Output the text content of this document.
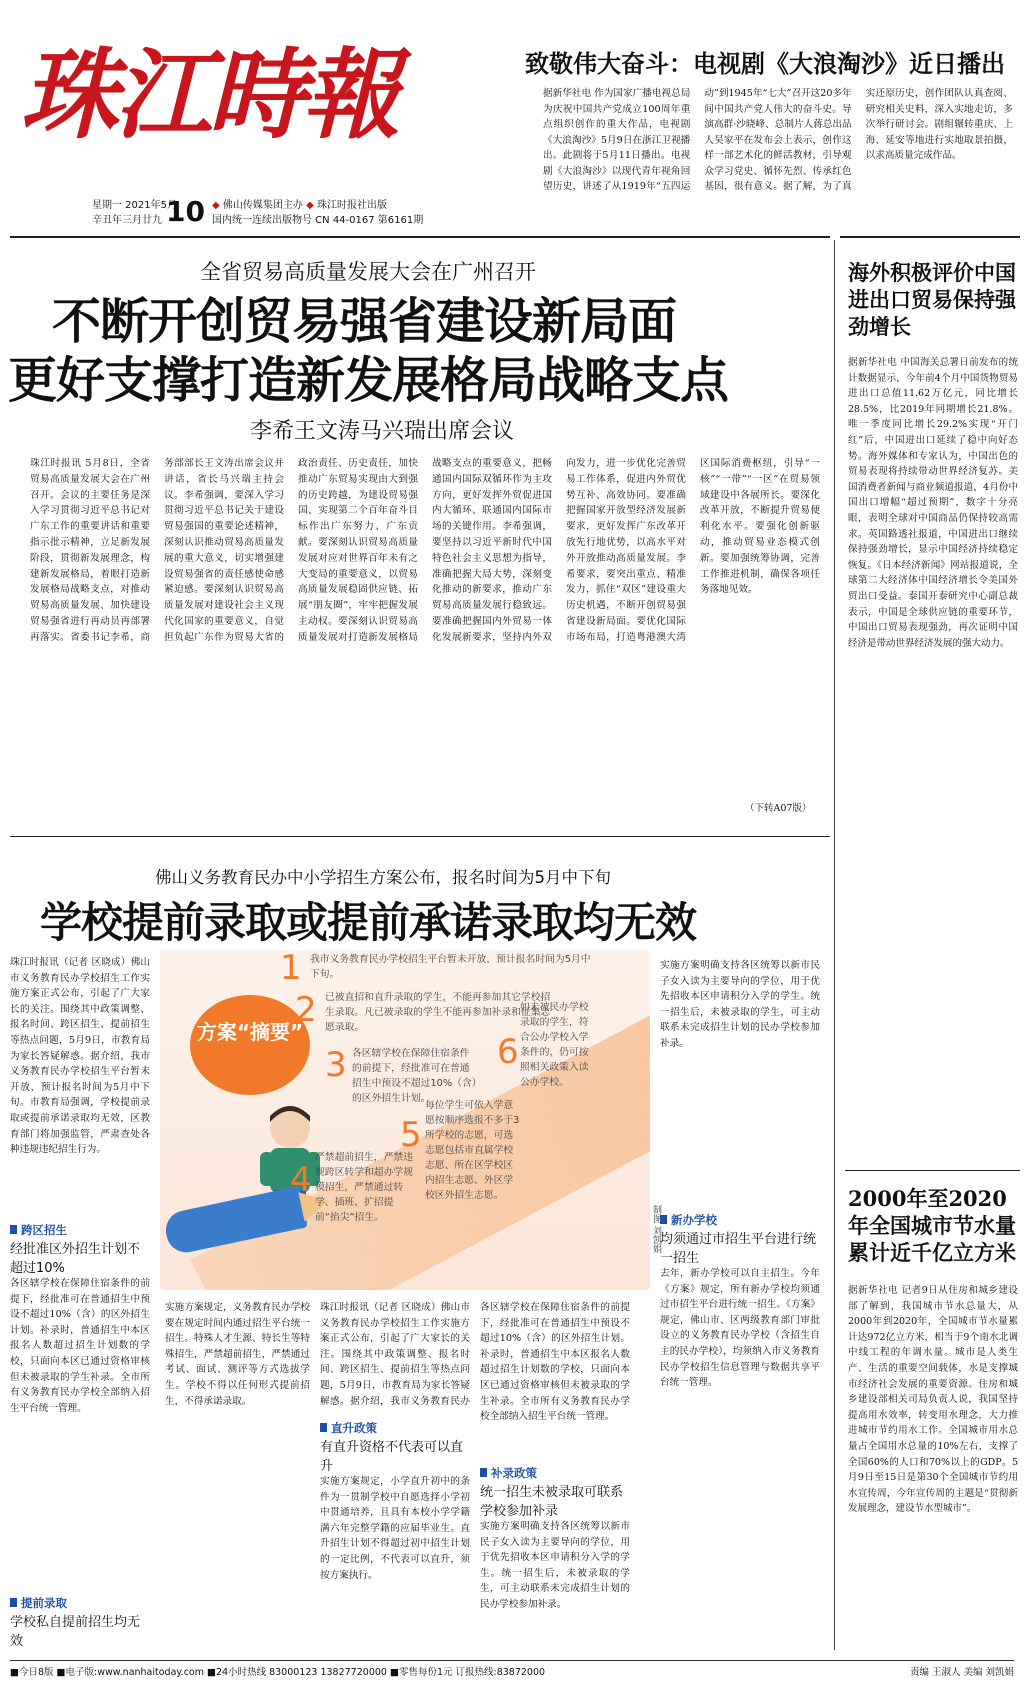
珠江時報
星期一 2021年5月
辛丑年三月廿九 10 ◆ 佛山传媒集团主办 ◆ 珠江时报社出版
国内统一连续出版物号 CN 44-0167 第6161期
致敬伟大奋斗：电视剧《大浪淘沙》近日播出
据新华社电 作为国家广播电视总局为庆祝中国共产党成立100周年重点组织创作的重大作品，电视剧《大浪淘沙》5月9日在浙江卫视播出。此剧将于5月11日播出。电视剧《大浪淘沙》以现代青年视角回望历史，讲述了从1919年“五四运动”到1945年“七大”召开这20多年间中国共产党人伟大的奋斗史。导演高群·沙晓峰、总制片人蒋总出品人吴家平在发布会上表示，创作这样一部艺术化的鲜活教材，引导观众学习党史、循怀先烈、传承红色基因，很有意义。据了解，为了真实还原历史，创作团队认真查阅、研究相关史料，深入实地走访，多次举行研讨会。剧组辗转重庆、上海、延安等地进行实地取景拍摄，以求高质量完成作品。
全省贸易高质量发展大会在广州召开
不断开创贸易强省建设新局面
更好支撑打造新发展格局战略支点
李希王文涛马兴瑞出席会议
珠江时报讯 5月8日，全省贸易高质量发展大会在广州召开。会议的主要任务是深入学习贯彻习近平总书记对广东工作的重要讲话和重要指示批示精神，立足新发展阶段，贯彻新发展理念，构建新发展格局，着眼打造新发展格局战略支点，对推动贸易高质量发展、加快建设贸易强省进行再动员再部署再落实。省委书记李希，商务部部长王文涛出席会议并讲话，省长马兴瑞主持会议。李希强调，要深入学习贯彻习近平总书记关于建设贸易强国的重要论述精神，深刻认识推动贸易高质量发展的重大意义，切实增强建设贸易强省的责任感使命感紧迫感。要深刻认识贸易高质量发展对建设社会主义现代化国家的重要意义，自觉担负起广东作为贸易大省的政治责任、历史责任，加快推动广东贸易实现由大到强的历史跨越，为建设贸易强国、实现第二个百年奋斗目标作出广东努力、广东贡献。要深刻认识贸易高质量发展对应对世界百年未有之大变局的重要意义，以贸易高质量发展稳固供应链、拓展“朋友圈”，牢牢把握发展主动权。要深刻认识贸易高质量发展对打造新发展格局战略支点的重要意义，把畅通国内国际双循环作为主攻方向，更好发挥外贸促进国内大循环、联通国内国际市场的关键作用。李希强调，要坚持以习近平新时代中国特色社会主义思想为指导，准确把握大局大势，深刻变化推动的新要求，推动广东贸易高质量发展行稳致远。要准确把握国内外贸易一体化发展新要求，坚持内外双向发力，进一步优化完善贸易工作体系，促进内外贸优势互补、高效协同。要准确把握国家开放型经济发展新要求，更好发挥广东改革开放先行地优势，以高水平对外开放推动高质量发展。李希要求，要突出重点、精准发力，抓住“双区”建设重大历史机遇，不断开创贸易强省建设新局面。要优化国际市场布局，打造粤港澳大湾区国际消费枢纽，引导“一核”“一带”“一区”在贸易领域建设中各展所长。要深化改革开放，不断提升贸易便利化水平。要强化创新驱动，推动贸易业态模式创新。要加强统筹协调，完善工作推进机制，确保各项任务落地见效。
（下转A07版）
佛山义务教育民办中小学招生方案公布，报名时间为5月中下旬
学校提前录取或提前承诺录取均无效
珠江时报讯（记者 区晓成）佛山市义务教育民办学校招生工作实施方案正式公布，引起了广大家长的关注。围绕其中政策调整、报名时间、跨区招生、提前招生等热点问题，5月9日，市教育局为家长答疑解惑。据介绍，我市义务教育民办学校招生平台暂未开放，预计报名时间为5月中下旬。市教育局强调，学校提前录取或提前承诺录取均无效，区教育部门将加强监管，严肃查处各种违规违纪招生行为。
方案“摘要”
1 我市义务教育民办学校招生平台暂未开放，预计报名时间为5月中下旬。
2 已被直招和直升录取的学生，不能再参加其它学校招生录取。凡已被录取的学生不能再参加补录和征集志愿录取。
3 各区辖学校在保障住宿条件的前提下，经批准可在普通招生中预设不超过10%（含）的区外招生计划。
4
严禁超前招生，严禁违规跨区转学和超办学规模招生，严禁通过转学、插班、扩招提前“掐尖”招生。
5
每位学生可依入学意愿按顺序选报不多于3所学校的志愿，可选志愿包括市直属学校志愿、所在区学校区内招生志愿、外区学校区外招生志愿。
6
如未被民办学校录取的学生，符合公办学校入学条件的，仍可按照相关政策入读公办学校。
制图 刘凯娟
实施方案明确支持各区统筹以新市民子女入读为主要导向的学位，用于优先招收本区申请积分入学的学生。统一招生后，未被录取的学生，可主动联系未完成招生计划的民办学校参加补录。
跨区招生
经批准区外招生计划不超过10%
各区辖学校在保障住宿条件的前提下，经批准可在普通招生中预设不超过10%（含）的区外招生计划。补录时，普通招生中本区报名人数超过招生计划数的学校，只面向本区已通过资格审核但未被录取的学生补录。全市所有义务教育民办学校全部纳入招生平台统一管理。
提前录取
学校私自提前招生均无效
实施方案规定，义务教育民办学校要在规定时间内通过招生平台统一招生。特殊人才生源、特长生等特殊招生，严禁超前招生，严禁通过考试、面试、测评等方式选拔学生。学校不得以任何形式提前招生，不得承诺录取。
珠江时报讯（记者 区晓成）佛山市义务教育民办学校招生工作实施方案正式公布，引起了广大家长的关注。围绕其中政策调整、报名时间、跨区招生、提前招生等热点问题，5月9日，市教育局为家长答疑解惑。据介绍，我市义务教育民办
直升政策
有直升资格不代表可以直升
实施方案规定，小学直升初中的条件为一贯制学校中自愿选择小学初中贯通培养，且具有本校小学学籍满六年完整学籍的应届毕业生。直升招生计划不得超过初中招生计划的一定比例，不代表可以直升，须按方案执行。
各区辖学校在保障住宿条件的前提下，经批准可在普通招生中预设不超过10%（含）的区外招生计划。补录时，普通招生中本区报名人数超过招生计划数的学校，只面向本区已通过资格审核但未被录取的学生补录。全市所有义务教育民办学校全部纳入招生平台统一管理。
补录政策
统一招生未被录取可联系学校参加补录
实施方案明确支持各区统筹以新市民子女入读为主要导向的学位，用于优先招收本区申请积分入学的学生。统一招生后，未被录取的学生，可主动联系未完成招生计划的民办学校参加补录。
新办学校
均须通过市招生平台进行统一招生
去年，新办学校可以自主招生。今年《方案》规定，所有新办学校均须通过市招生平台进行统一招生。《方案》规定，佛山市、区两级教育部门审批设立的义务教育民办学校（含招生自主的民办学校），均须纳入市义务教育民办学校招生信息管理与数据共享平台统一管理。
海外积极评价中国进出口贸易保持强劲增长
据新华社电 中国海关总署日前发布的统计数据显示，今年前4个月中国货物贸易进出口总值11.62万亿元，同比增长28.5%，比2019年同期增长21.8%。唯一季度同比增长29.2%实现“开门红”后，中国进出口延续了稳中向好态势。海外媒体和专家认为，中国出色的贸易表现将持续带动世界经济复苏。美国消费者新闻与商业频道报道，4月份中国出口增幅“超过预期”，数字十分亮眼，表明全球对中国商品仍保持较高需求。英国路透社报道，中国进出口继续保持强劲增长，显示中国经济持续稳定恢复。《日本经济新闻》网站报道说，全球第二大经济体中国经济增长令美国外贸出口受益。泰国开泰研究中心副总裁表示，中国是全球供应链的重要环节，中国出口贸易表现强劲，再次证明中国经济是带动世界经济发展的强大动力。
2000年至2020年全国城市节水量累计近千亿立方米
据新华社电 记者9日从住房和城乡建设部了解到，我国城市节水总量大，从2000年到2020年，全国城市节水量累计达972亿立方米，相当于9个南水北调中线工程的年调水量。城市是人类生产、生活的重要空间载体，水是支撑城市经济社会发展的重要资源。住房和城乡建设部相关司局负责人说，我国坚持提高用水效率，转变用水理念，大力推进城市节约用水工作。全国城市用水总量占全国用水总量的10%左右，支撑了全国60%的人口和70%以上的GDP。5月9日至15日是第30个全国城市节约用水宣传周，今年宣传周的主题是“贯彻新发展理念，建设节水型城市”。
■今日8版 ■电子版:www.nanhaitoday.com ■24小时热线 83000123 13827720000 ■零售每份1元 订报热线:83872000	责编 王淑人 美编 刘凯娟
